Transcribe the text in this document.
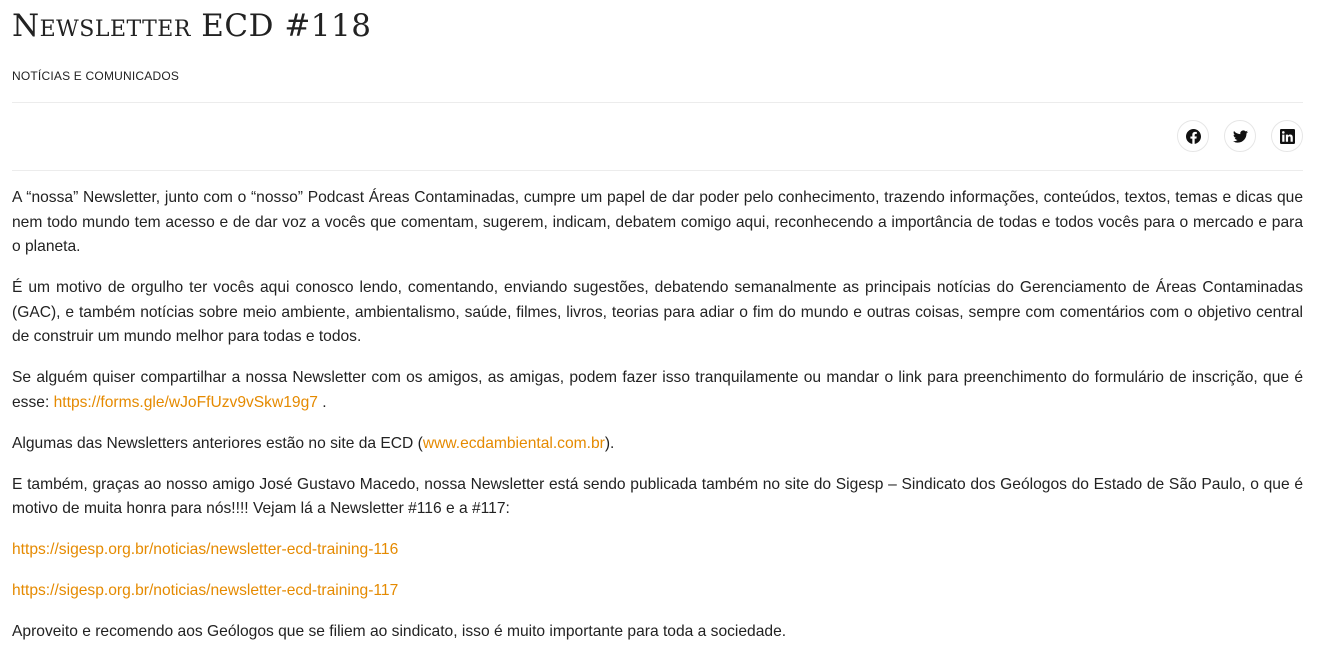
Newsletter ECD #118
NOTÍCIAS E COMUNICADOS

A “nossa” Newsletter, junto com o “nosso” Podcast Áreas Contaminadas, cumpre um papel de dar poder pelo conhecimento, trazendo informações, conteúdos, textos, temas e dicas que nem todo mundo tem acesso e de dar voz a vocês que comentam, sugerem, indicam, debatem comigo aqui, reconhecendo a importância de todas e todos vocês para o mercado e para o planeta.

É um motivo de orgulho ter vocês aqui conosco lendo, comentando, enviando sugestões, debatendo semanalmente as principais notícias do Gerenciamento de Áreas Contaminadas (GAC), e também notícias sobre meio ambiente, ambientalismo, saúde, filmes, livros, teorias para adiar o fim do mundo e outras coisas, sempre com comentários com o objetivo central de construir um mundo melhor para todas e todos.

Se alguém quiser compartilhar a nossa Newsletter com os amigos, as amigas, podem fazer isso tranquilamente ou mandar o link para preenchimento do formulário de inscrição, que é esse: https://forms.gle/wJoFfUzv9vSkw19g7 .

Algumas das Newsletters anteriores estão no site da ECD (www.ecdambiental.com.br).

E também, graças ao nosso amigo José Gustavo Macedo, nossa Newsletter está sendo publicada também no site do Sigesp – Sindicato dos Geólogos do Estado de São Paulo, o que é motivo de muita honra para nós!!!! Vejam lá a Newsletter #116 e a #117:

https://sigesp.org.br/noticias/newsletter-ecd-training-116

https://sigesp.org.br/noticias/newsletter-ecd-training-117

Aproveito e recomendo aos Geólogos que se filiem ao sindicato, isso é muito importante para toda a sociedade.
